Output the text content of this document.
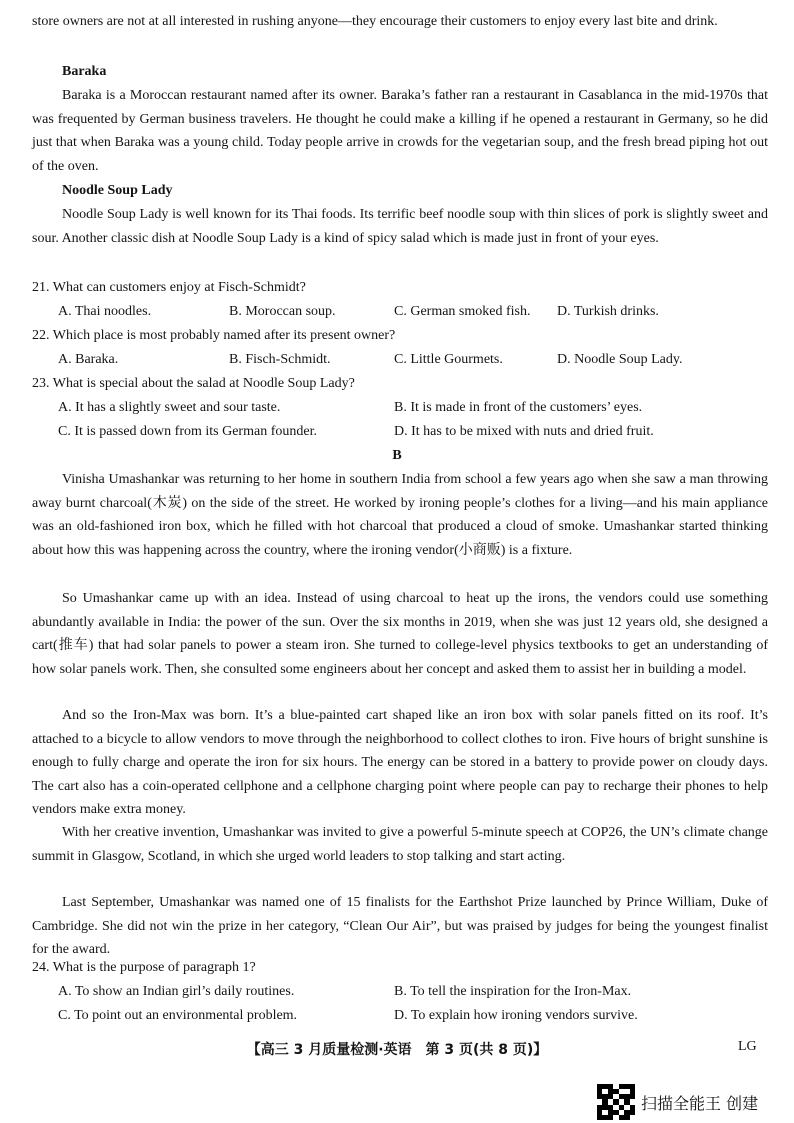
store owners are not at all interested in rushing anyone—they encourage their customers to enjoy every last bite and drink.

Baraka

Baraka is a Moroccan restaurant named after its owner. Baraka’s father ran a restaurant in Casablanca in the mid-1970s that was frequented by German business travelers. He thought he could make a killing if he opened a restaurant in Germany, so he did just that when Baraka was a young child. Today people arrive in crowds for the vegetarian soup, and the fresh bread piping hot out of the oven.

Noodle Soup Lady

Noodle Soup Lady is well known for its Thai foods. Its terrific beef noodle soup with thin slices of pork is slightly sweet and sour. Another classic dish at Noodle Soup Lady is a kind of spicy salad which is made just in front of your eyes.

21. What can customers enjoy at Fisch-Schmidt?

A. Thai noodles.	B. Moroccan soup.	C. German smoked fish. D. Turkish drinks.

22. Which place is most probably named after its present owner?

A. Baraka.	B. Fisch-Schmidt.	C. Little Gourmets.	D. Noodle Soup Lady.

23. What is special about the salad at Noodle Soup Lady?

A. It has a slightly sweet and sour taste.	B. It is made in front of the customers’ eyes.

C. It is passed down from its German founder.	D. It has to be mixed with nuts and dried fruit.

B

Vinisha Umashankar was returning to her home in southern India from school a few years ago when she saw a man throwing away burnt charcoal(木炭) on the side of the street. He worked by ironing people’s clothes for a living—and his main appliance was an old-fashioned iron box, which he filled with hot charcoal that produced a cloud of smoke. Umashankar started thinking about how this was happening across the country, where the ironing vendor(小商贩) is a fixture.

So Umashankar came up with an idea. Instead of using charcoal to heat up the irons, the vendors could use something abundantly available in India: the power of the sun. Over the six months in 2019, when she was just 12 years old, she designed a cart(推车) that had solar panels to power a steam iron. She turned to college-level physics textbooks to get an understanding of how solar panels work. Then, she consulted some engineers about her concept and asked them to assist her in building a model.

And so the Iron-Max was born. It’s a blue-painted cart shaped like an iron box with solar panels fitted on its roof. It’s attached to a bicycle to allow vendors to move through the neighborhood to collect clothes to iron. Five hours of bright sunshine is enough to fully charge and operate the iron for six hours. The energy can be stored in a battery to provide power on cloudy days. The cart also has a coin-operated cellphone and a cellphone charging point where people can pay to recharge their phones to help vendors make extra money.

With her creative invention, Umashankar was invited to give a powerful 5-minute speech at COP26, the UN’s climate change summit in Glasgow, Scotland, in which she urged world leaders to stop talking and start acting.

Last September, Umashankar was named one of 15 finalists for the Earthshot Prize launched by Prince William, Duke of Cambridge. She did not win the prize in her category, “Clean Our Air”, but was praised by judges for being the youngest finalist for the award.

24. What is the purpose of paragraph 1?

A. To show an Indian girl’s daily routines.	B. To tell the inspiration for the Iron-Max.

C. To point out an environmental problem.	D. To explain how ironing vendors survive.

【高三 3 月质量检测·英语　第 3 页(共 8 页)】	LG
扫描全能王 创建
